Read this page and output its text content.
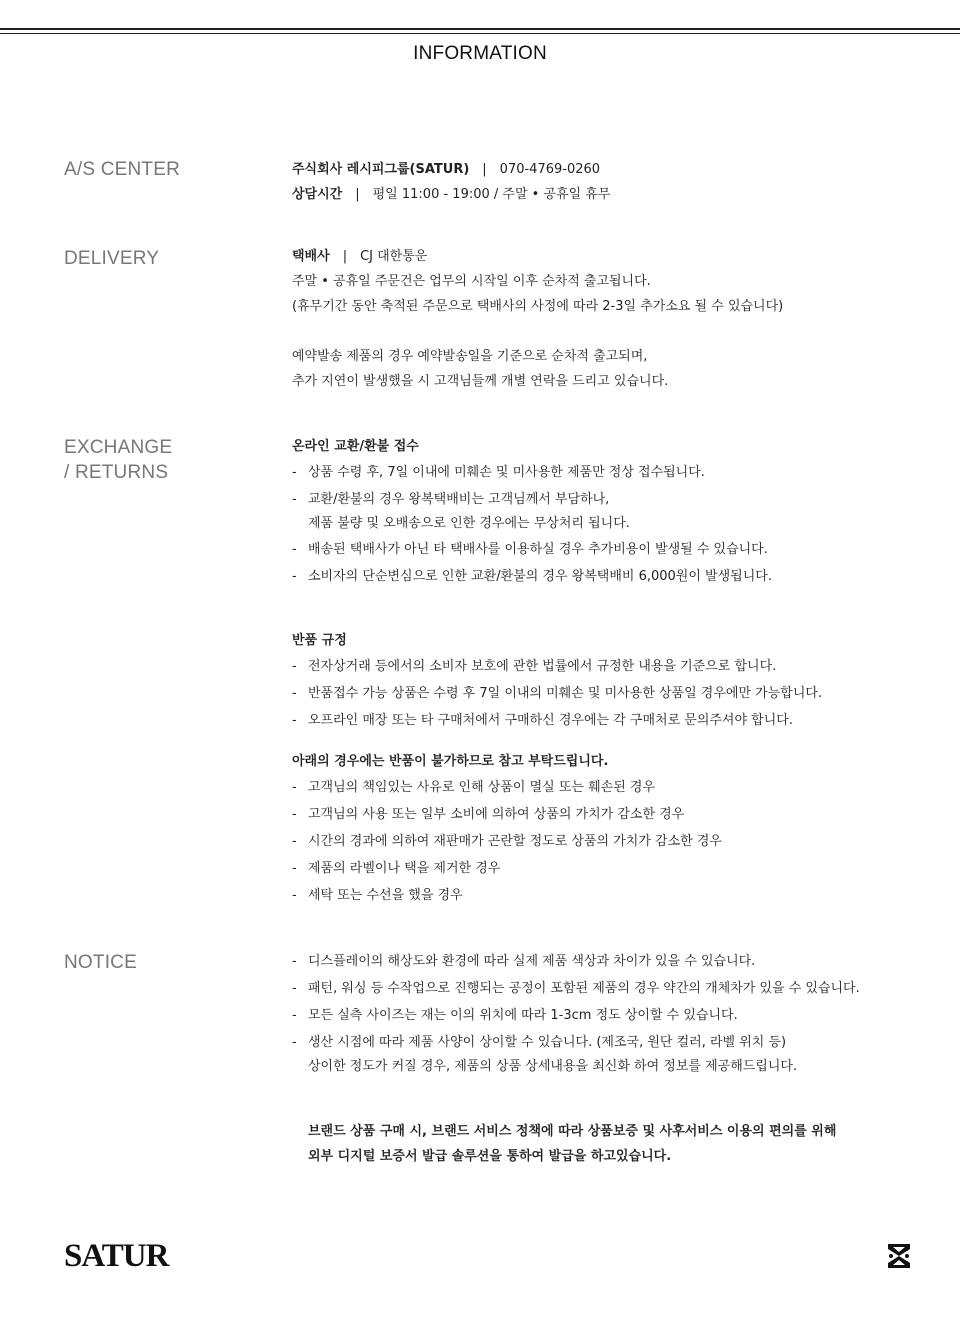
INFORMATION
A/S CENTER	주식회사 레시피그룹(SATUR) | 070-4769-0260
상담시간 | 평일 11:00 - 19:00 / 주말 • 공휴일 휴무
DELIVERY	택배사 | CJ 대한통운
주말 • 공휴일 주문건은 업무의 시작일 이후 순차적 출고됩니다.
(휴무기간 동안 축적된 주문으로 택배사의 사정에 따라 2-3일 추가소요 될 수 있습니다)
예약발송 제품의 경우 예약발송일을 기준으로 순차적 출고되며,
추가 지연이 발생했을 시 고객님들께 개별 연락을 드리고 있습니다.
EXCHANGE
/ RETURNS
온라인 교환/환불 접수
- 상품 수령 후, 7일 이내에 미훼손 및 미사용한 제품만 정상 접수됩니다.
- 교환/환불의 경우 왕복택배비는 고객님께서 부담하나,
제품 불량 및 오배송으로 인한 경우에는 무상처리 됩니다.
- 배송된 택배사가 아닌 타 택배사를 이용하실 경우 추가비용이 발생될 수 있습니다.
- 소비자의 단순변심으로 인한 교환/환불의 경우 왕복택배비 6,000원이 발생됩니다.
반품 규정
- 전자상거래 등에서의 소비자 보호에 관한 법률에서 규정한 내용을 기준으로 합니다.
- 반품접수 가능 상품은 수령 후 7일 이내의 미훼손 및 미사용한 상품일 경우에만 가능합니다.
- 오프라인 매장 또는 타 구매처에서 구매하신 경우에는 각 구매처로 문의주셔야 합니다.
아래의 경우에는 반품이 불가하므로 참고 부탁드립니다.
- 고객님의 책임있는 사유로 인해 상품이 멸실 또는 훼손된 경우
- 고객님의 사용 또는 일부 소비에 의하여 상품의 가치가 감소한 경우
- 시간의 경과에 의하여 재판매가 곤란할 정도로 상품의 가치가 감소한 경우
- 제품의 라벨이나 택을 제거한 경우
- 세탁 또는 수선을 했을 경우
NOTICE	- 디스플레이의 해상도와 환경에 따라 실제 제품 색상과 차이가 있을 수 있습니다.
- 패턴, 워싱 등 수작업으로 진행되는 공정이 포함된 제품의 경우 약간의 개체차가 있을 수 있습니다.
- 모든 실측 사이즈는 재는 이의 위치에 따라 1-3cm 정도 상이할 수 있습니다.
- 생산 시점에 따라 제품 사양이 상이할 수 있습니다. (제조국, 원단 컬러, 라벨 위치 등)
상이한 정도가 커질 경우, 제품의 상품 상세내용을 최신화 하여 정보를 제공해드립니다.
브랜드 상품 구매 시, 브랜드 서비스 정책에 따라 상품보증 및 사후서비스 이용의 편의를 위해
외부 디지털 보증서 발급 솔루션을 통하여 발급을 하고있습니다.
SATUR
